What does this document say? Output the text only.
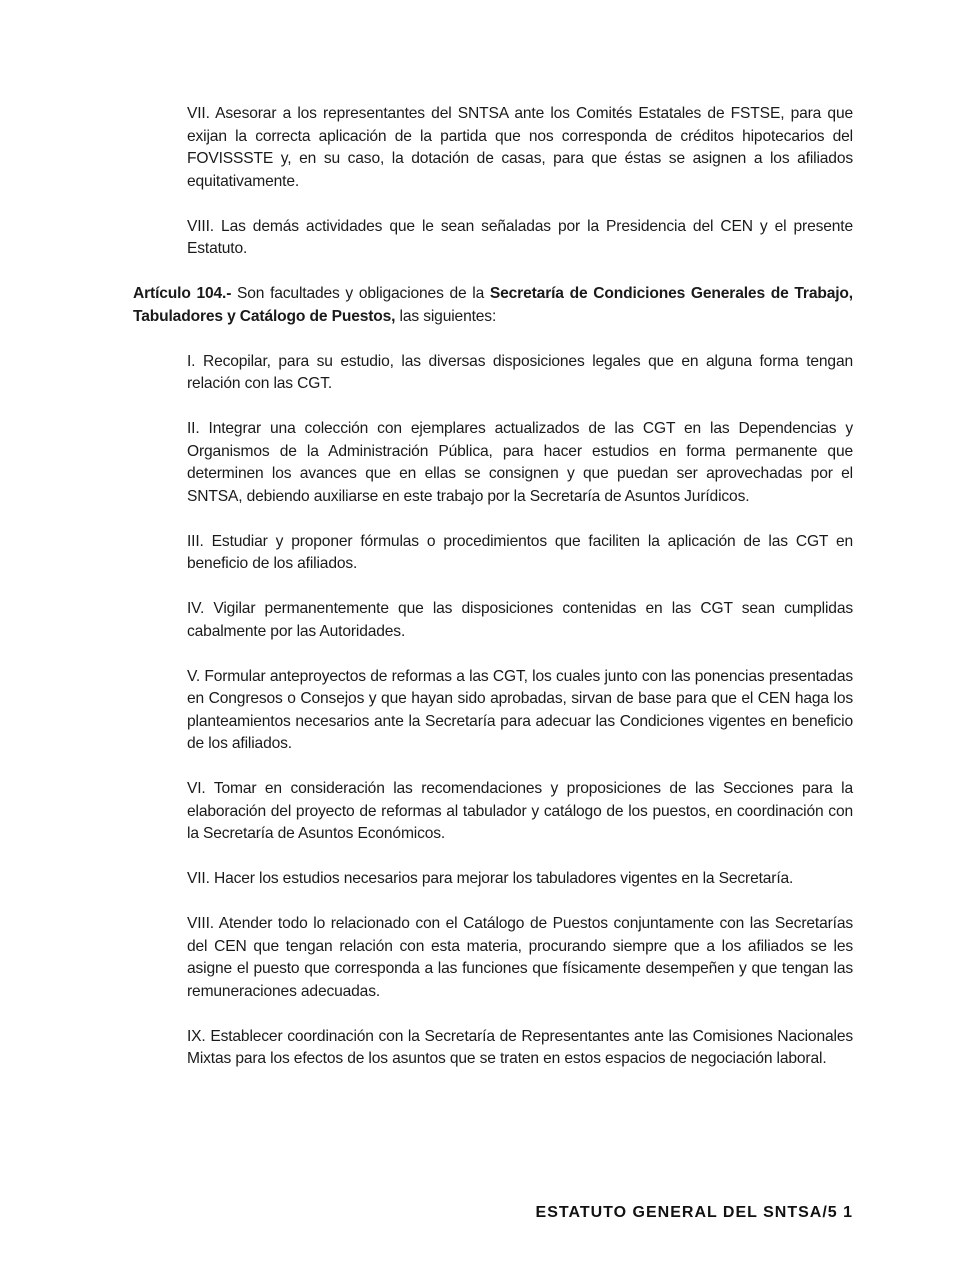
VII. Asesorar a los representantes del SNTSA ante los Comités Estatales de FSTSE, para que exijan la correcta aplicación de la partida que nos corresponda de créditos hipotecarios del FOVISSSTE y, en su caso, la dotación de casas, para que éstas se asignen a los afiliados equitativamente.

VIII. Las demás actividades que le sean señaladas por la Presidencia del CEN y el presente Estatuto.

Artículo 104.- Son facultades y obligaciones de la Secretaría de Condiciones Generales de Trabajo, Tabuladores y Catálogo de Puestos, las siguientes:

I. Recopilar, para su estudio, las diversas disposiciones legales que en alguna forma tengan relación con las CGT.

II. Integrar una colección con ejemplares actualizados de las CGT en las Dependencias y Organismos de la Administración Pública, para hacer estudios en forma permanente que determinen los avances que en ellas se consignen y que puedan ser aprovechadas por el SNTSA, debiendo auxiliarse en este trabajo por la Secretaría de Asuntos Jurídicos.

III. Estudiar y proponer fórmulas o procedimientos que faciliten la aplicación de las CGT en beneficio de los afiliados.

IV. Vigilar permanentemente que las disposiciones contenidas en las CGT sean cumplidas cabalmente por las Autoridades.

V. Formular anteproyectos de reformas a las CGT, los cuales junto con las ponencias presentadas en Congresos o Consejos y que hayan sido aprobadas, sirvan de base para que el CEN haga los planteamientos necesarios ante la Secretaría para adecuar las Condiciones vigentes en beneficio de los afiliados.

VI. Tomar en consideración las recomendaciones y proposiciones de las Secciones para la elaboración del proyecto de reformas al tabulador y catálogo de los puestos, en coordinación con la Secretaría de Asuntos Económicos.

VII. Hacer los estudios necesarios para mejorar los tabuladores vigentes en la Secretaría.

VIII. Atender todo lo relacionado con el Catálogo de Puestos conjuntamente con las Secretarías del CEN que tengan relación con esta materia, procurando siempre que a los afiliados se les asigne el puesto que corresponda a las funciones que físicamente desempeñen y que tengan las remuneraciones adecuadas.

IX. Establecer coordinación con la Secretaría de Representantes ante las Comisiones Nacionales Mixtas para los efectos de los asuntos que se traten en estos espacios de negociación laboral.

ESTATUTO GENERAL DEL SNTSA/5 1
